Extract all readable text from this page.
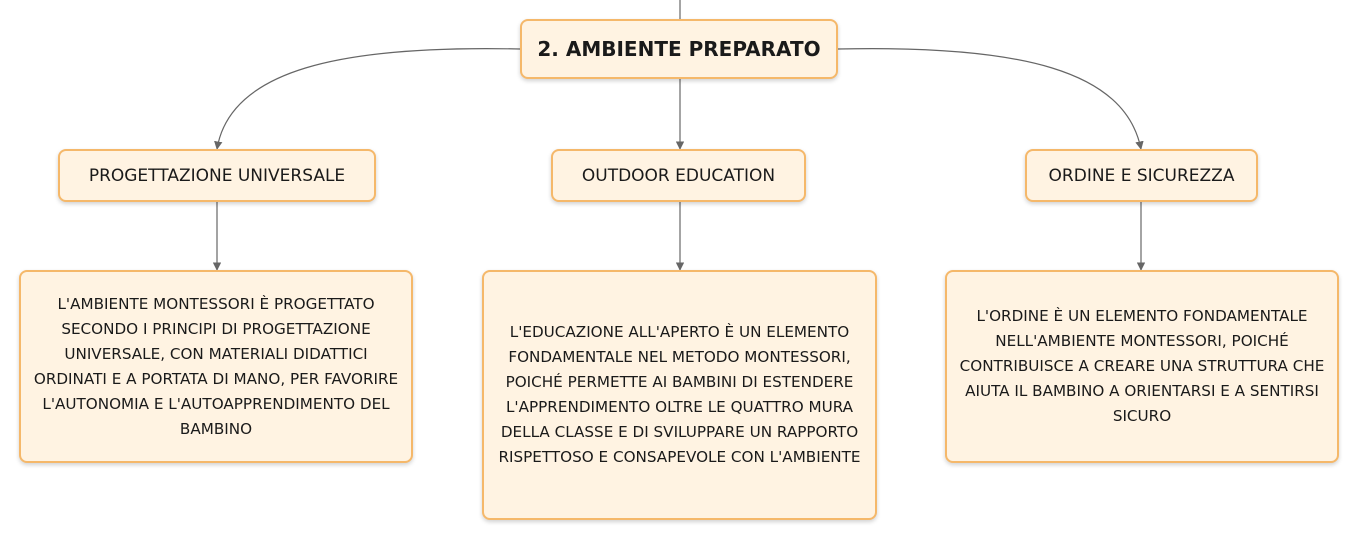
2. AMBIENTE PREPARATO
PROGETTAZIONE UNIVERSALE	OUTDOOR EDUCATION	ORDINE E SICUREZZA
L'AMBIENTE MONTESSORI È PROGETTATO SECONDO I PRINCIPI DI PROGETTAZIONE UNIVERSALE, CON MATERIALI DIDATTICI ORDINATI E A PORTATA DI MANO, PER FAVORIRE L'AUTONOMIA E L'AUTOAPPRENDIMENTO DEL BAMBINO
L'EDUCAZIONE ALL'APERTO È UN ELEMENTO FONDAMENTALE NEL METODO MONTESSORI, POICHÉ PERMETTE AI BAMBINI DI ESTENDERE L'APPRENDIMENTO OLTRE LE QUATTRO MURA DELLA CLASSE E DI SVILUPPARE UN RAPPORTO RISPETTOSO E CONSAPEVOLE CON L'AMBIENTE
L'ORDINE È UN ELEMENTO FONDAMENTALE NELL'AMBIENTE MONTESSORI, POICHÉ CONTRIBUISCE A CREARE UNA STRUTTURA CHE AIUTA IL BAMBINO A ORIENTARSI E A SENTIRSI SICURO
